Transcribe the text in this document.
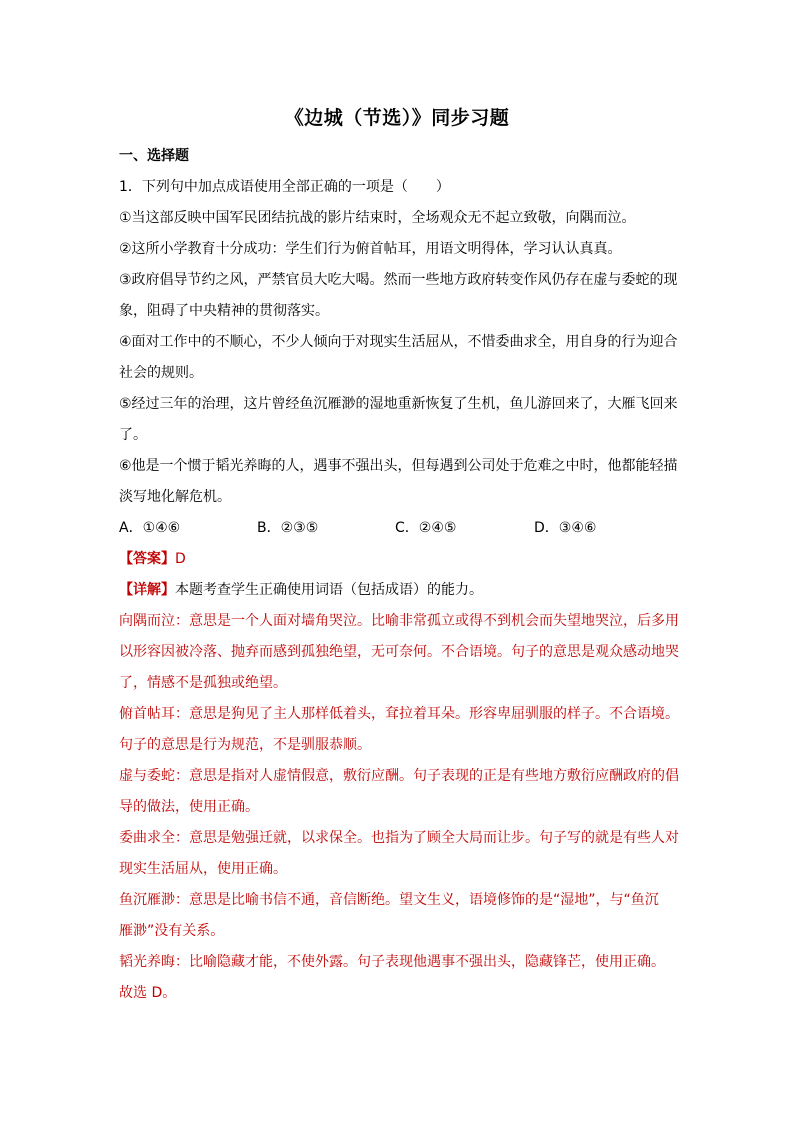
《边城（节选）》同步习题
一、选择题
1．下列句中加点成语使用全部正确的一项是（　　）
①当这部反映中国军民团结抗战的影片结束时，全场观众无不起立致敬，向隅而泣。
②这所小学教育十分成功：学生们行为俯首帖耳，用语文明得体，学习认认真真。
③政府倡导节约之风，严禁官员大吃大喝。然而一些地方政府转变作风仍存在虚与委蛇的现
象，阻碍了中央精神的贯彻落实。
④面对工作中的不顺心，不少人倾向于对现实生活屈从，不惜委曲求全，用自身的行为迎合
社会的规则。
⑤经过三年的治理，这片曾经鱼沉雁渺的湿地重新恢复了生机，鱼儿游回来了，大雁飞回来
了。
⑥他是一个惯于韬光养晦的人，遇事不强出头，但每遇到公司处于危难之中时，他都能轻描
淡写地化解危机。
A．①④⑥	B．②③⑤	C．②④⑤	D．③④⑥
【答案】D
【详解】本题考查学生正确使用词语（包括成语）的能力。
向隅而泣：意思是一个人面对墙角哭泣。比喻非常孤立或得不到机会而失望地哭泣，后多用
以形容因被冷落、抛弃而感到孤独绝望，无可奈何。不合语境。句子的意思是观众感动地哭
了，情感不是孤独或绝望。
俯首帖耳：意思是狗见了主人那样低着头，耷拉着耳朵。形容卑屈驯服的样子。不合语境。
句子的意思是行为规范，不是驯服恭顺。
虚与委蛇：意思是指对人虚情假意，敷衍应酬。句子表现的正是有些地方敷衍应酬政府的倡
导的做法，使用正确。
委曲求全：意思是勉强迁就，以求保全。也指为了顾全大局而让步。句子写的就是有些人对
现实生活屈从，使用正确。
鱼沉雁渺：意思是比喻书信不通，音信断绝。望文生义，语境修饰的是“湿地”，与“鱼沉
雁渺”没有关系。
韬光养晦：比喻隐藏才能，不使外露。句子表现他遇事不强出头，隐藏锋芒，使用正确。
故选 D。
